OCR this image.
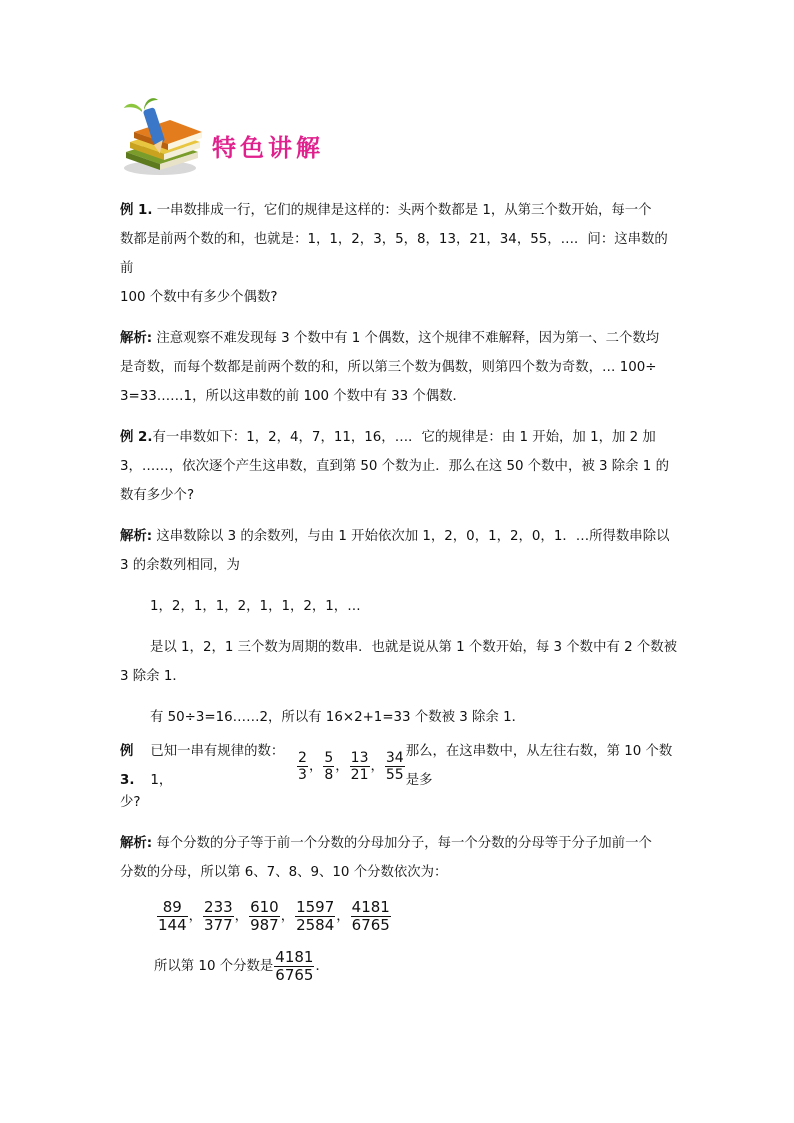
特色讲解
例 1. 一串数排成一行，它们的规律是这样的：头两个数都是 1，从第三个数开始，每一个
数都是前两个数的和，也就是：1，1，2，3，5，8，13，21，34，55，…．问：这串数的前
100 个数中有多少个偶数?
解析: 注意观察不难发现每 3 个数中有 1 个偶数，这个规律不难解释，因为第一、二个数均
是奇数，而每个数都是前两个数的和，所以第三个数为偶数，则第四个数为奇数，… 100÷
3=33……1，所以这串数的前 100 个数中有 33 个偶数．
例 2.有一串数如下：1，2，4，7，11，16，…．它的规律是：由 1 开始，加 1，加 2 加
3，……，依次逐个产生这串数，直到第 50 个数为止．那么在这 50 个数中，被 3 除余 1 的
数有多少个?
解析: 这串数除以 3 的余数列，与由 1 开始依次加 1，2，0，1，2，0，1．…所得数串除以
3 的余数列相同，为
1，2，1，1，2，1，1，2，1，…
是以 1，2，1 三个数为周期的数串．也就是说从第 1 个数开始，每 3 个数中有 2 个数被
3 除余 1．
有 50÷3=16……2，所以有 16×2+1=33 个数被 3 除余 1．
例 3.
已知一串有规律的数：1，	$\frac{2}{3}$ ， $\frac{5}{8}$ ， $\frac{13}{21}$ ， $\frac{34}{55}$ 那么，在这串数中，从左往右数，第 10 个数是多
少?
解析: 每个分数的分子等于前一个分数的分母加分子，每一个分数的分母等于分子加前一个
分数的分母，所以第 6、7、8、9、10 个分数依次为：
$\frac{89}{144}$ ， $\frac{233}{377}$ ， $\frac{610}{987}$ ， $\frac{1597}{2584}$ ， $\frac{4181}{6765}$
所以第 10 个分数是 $\frac{4181}{6765}$ ．
